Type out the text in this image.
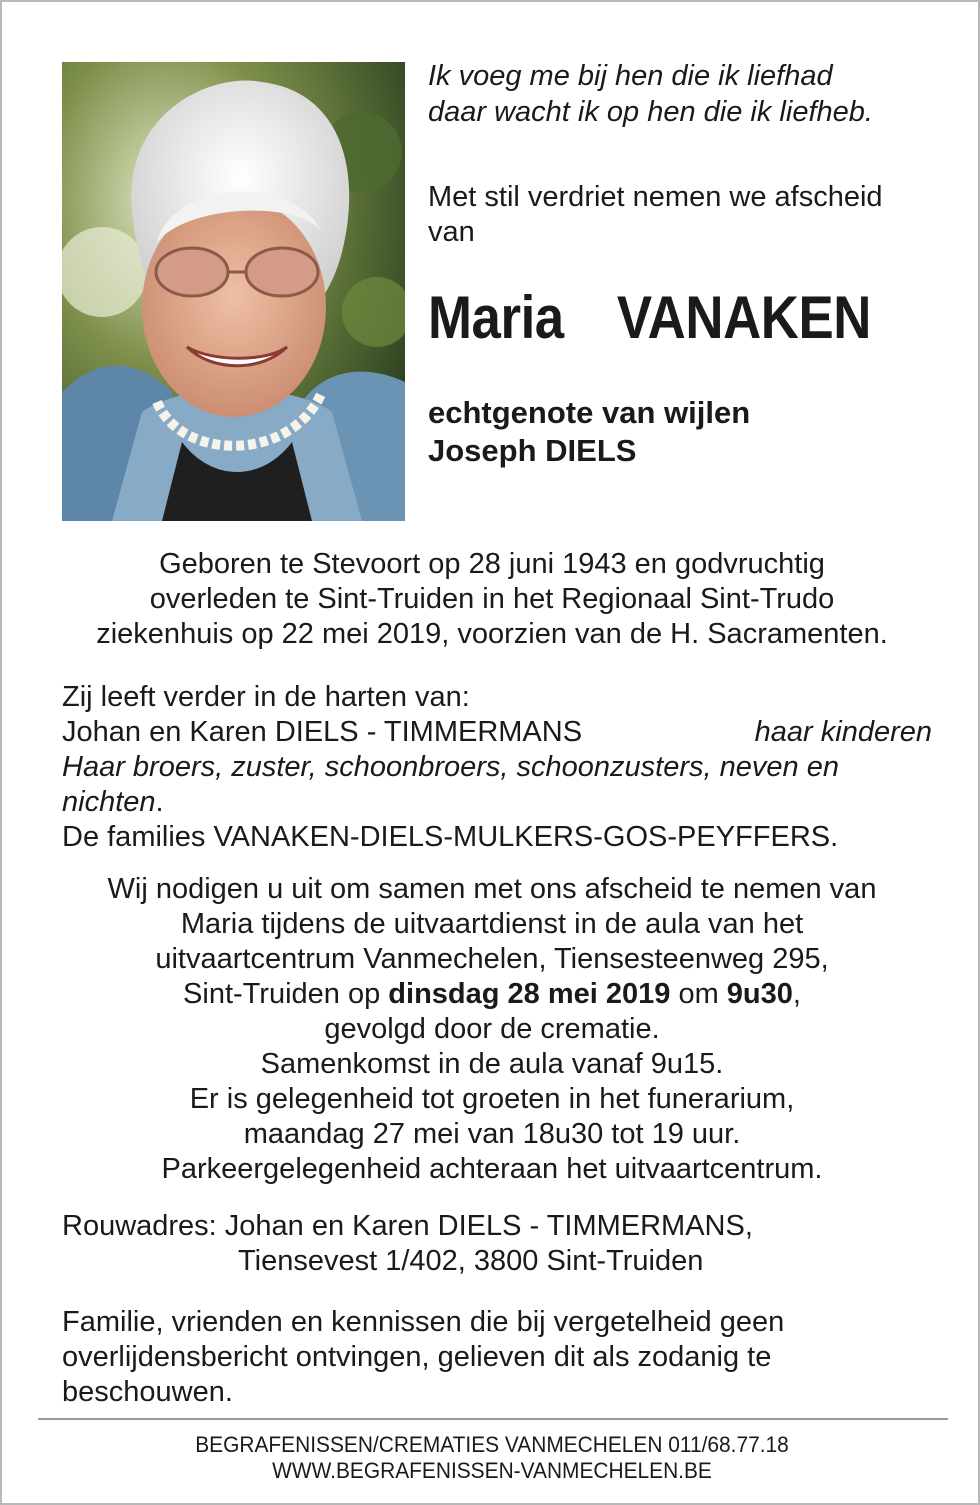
Ik voeg me bij hen die ik liefhad
daar wacht ik op hen die ik liefheb.
Met stil verdriet nemen we afscheid
van
Maria  VANAKEN
echtgenote van wijlen
Joseph DIELS
Geboren te Stevoort op 28 juni 1943 en godvruchtig
overleden te Sint-Truiden in het Regionaal Sint-Trudo
ziekenhuis op 22 mei 2019, voorzien van de H. Sacramenten.
Zij leeft verder in de harten van:
Johan en Karen DIELS - TIMMERMANS	haar kinderen
Haar broers, zuster, schoonbroers, schoonzusters, neven en
nichten.
De families VANAKEN-DIELS-MULKERS-GOS-PEYFFERS.
Wij nodigen u uit om samen met ons afscheid te nemen van
Maria tijdens de uitvaartdienst in de aula van het
uitvaartcentrum Vanmechelen, Tiensesteenweg 295,
Sint-Truiden op dinsdag 28 mei 2019 om 9u30,
gevolgd door de crematie.
Samenkomst in de aula vanaf 9u15.
Er is gelegenheid tot groeten in het funerarium,
maandag 27 mei van 18u30 tot 19 uur.
Parkeergelegenheid achteraan het uitvaartcentrum.
Rouwadres: Johan en Karen DIELS - TIMMERMANS,
Tiensevest 1/402, 3800 Sint-Truiden
Familie, vrienden en kennissen die bij vergetelheid geen
overlijdensbericht ontvingen, gelieven dit als zodanig te
beschouwen.
BEGRAFENISSEN/CREMATIES VANMECHELEN 011/68.77.18
WWW.BEGRAFENISSEN-VANMECHELEN.BE
